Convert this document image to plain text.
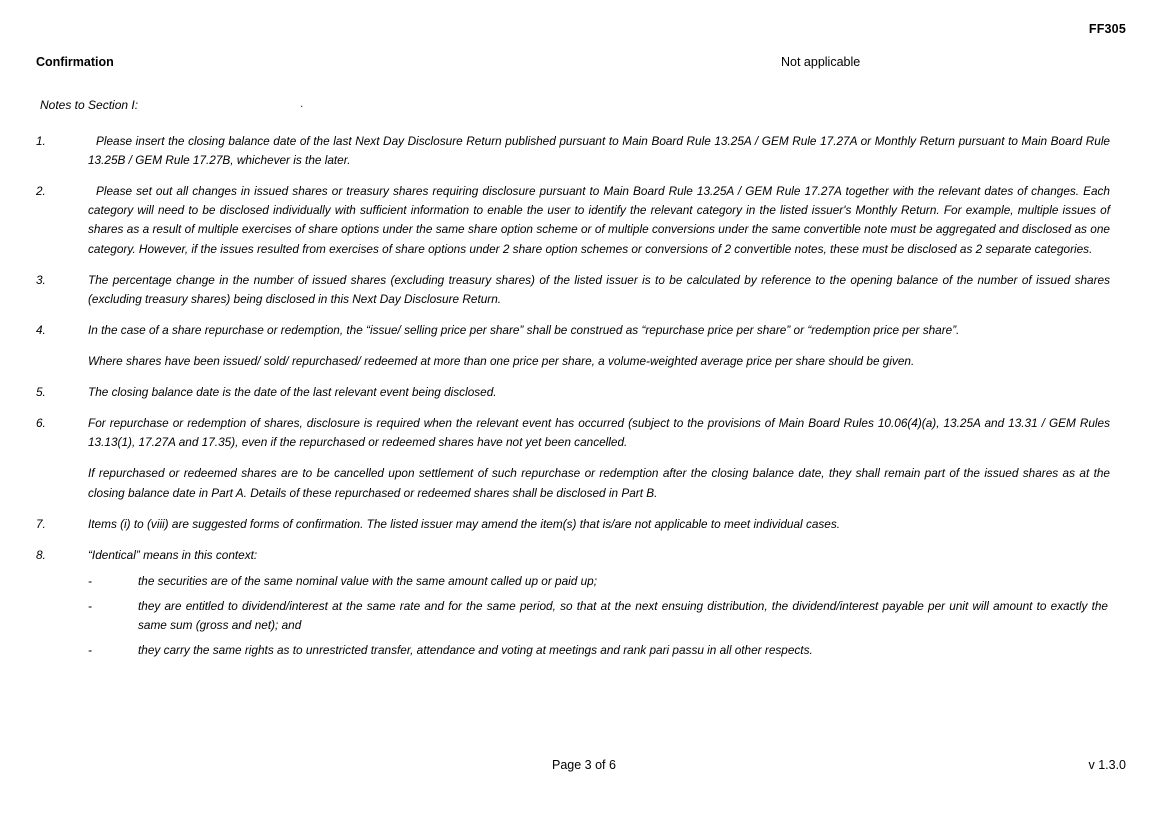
FF305
Confirmation	Not applicable
Notes to Section I:	.
1.	Please insert the closing balance date of the last Next Day Disclosure Return published pursuant to Main Board Rule 13.25A / GEM Rule 17.27A or Monthly Return pursuant to Main Board Rule 13.25B / GEM Rule 17.27B, whichever is the later.

2.	Please set out all changes in issued shares or treasury shares requiring disclosure pursuant to Main Board Rule 13.25A / GEM Rule 17.27A together with the relevant dates of changes. Each category will need to be disclosed individually with sufficient information to enable the user to identify the relevant category in the listed issuer's Monthly Return. For example, multiple issues of shares as a result of multiple exercises of share options under the same share option scheme or of multiple conversions under the same convertible note must be aggregated and disclosed as one category. However, if the issues resulted from exercises of share options under 2 share option schemes or conversions of 2 convertible notes, these must be disclosed as 2 separate categories.

3.	The percentage change in the number of issued shares (excluding treasury shares) of the listed issuer is to be calculated by reference to the opening balance of the number of issued shares (excluding treasury shares) being disclosed in this Next Day Disclosure Return.

4.	In the case of a share repurchase or redemption, the “issue/ selling price per share” shall be construed as “repurchase price per share” or “redemption price per share”.

Where shares have been issued/ sold/ repurchased/ redeemed at more than one price per share, a volume-weighted average price per share should be given.

5.	The closing balance date is the date of the last relevant event being disclosed.

6.	For repurchase or redemption of shares, disclosure is required when the relevant event has occurred (subject to the provisions of Main Board Rules 10.06(4)(a), 13.25A and 13.31 / GEM Rules 13.13(1), 17.27A and 17.35), even if the repurchased or redeemed shares have not yet been cancelled.

If repurchased or redeemed shares are to be cancelled upon settlement of such repurchase or redemption after the closing balance date, they shall remain part of the issued shares as at the closing balance date in Part A. Details of these repurchased or redeemed shares shall be disclosed in Part B.

7.	Items (i) to (viii) are suggested forms of confirmation. The listed issuer may amend the item(s) that is/are not applicable to meet individual cases.

8.	“Identical” means in this context:

-	the securities are of the same nominal value with the same amount called up or paid up;
-	they are entitled to dividend/interest at the same rate and for the same period, so that at the next ensuing distribution, the dividend/interest payable per unit will amount to exactly the same sum (gross and net); and
-	they carry the same rights as to unrestricted transfer, attendance and voting at meetings and rank pari passu in all other respects.
Page 3 of 6	v 1.3.0
